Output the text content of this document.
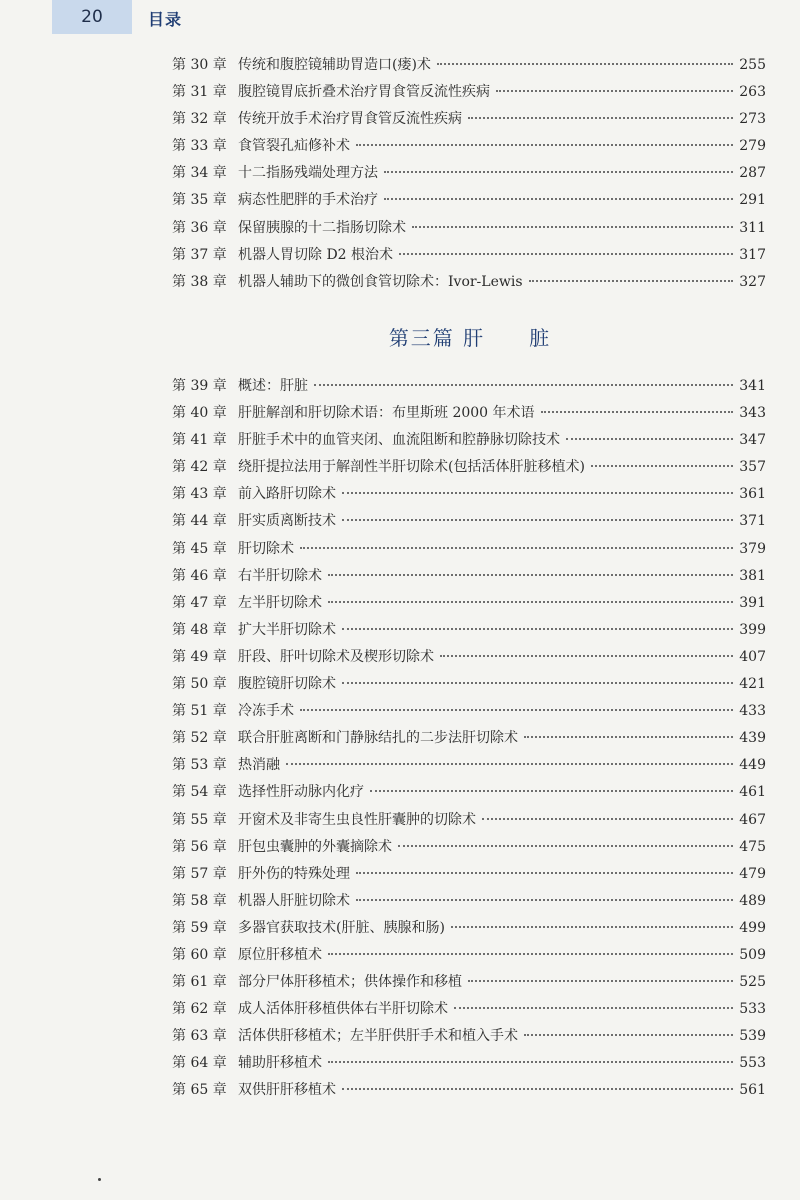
20	目录
第 30 章 传统和腹腔镜辅助胃造口(瘘)术	255
第 31 章 腹腔镜胃底折叠术治疗胃食管反流性疾病	263
第 32 章 传统开放手术治疗胃食管反流性疾病	273
第 33 章 食管裂孔疝修补术	279
第 34 章 十二指肠残端处理方法	287
第 35 章 病态性肥胖的手术治疗	291
第 36 章 保留胰腺的十二指肠切除术	311
第 37 章 机器人胃切除 D2 根治术	317
第 38 章 机器人辅助下的微创食管切除术：Ivor-Lewis	327
第三篇 肝　　脏
第 39 章 概述：肝脏	341
第 40 章 肝脏解剖和肝切除术语：布里斯班 2000 年术语	343
第 41 章 肝脏手术中的血管夹闭、血流阻断和腔静脉切除技术	347
第 42 章 绕肝提拉法用于解剖性半肝切除术(包括活体肝脏移植术)	357
第 43 章 前入路肝切除术	361
第 44 章 肝实质离断技术	371
第 45 章 肝切除术	379
第 46 章 右半肝切除术	381
第 47 章 左半肝切除术	391
第 48 章 扩大半肝切除术	399
第 49 章 肝段、肝叶切除术及楔形切除术	407
第 50 章 腹腔镜肝切除术	421
第 51 章 冷冻手术	433
第 52 章 联合肝脏离断和门静脉结扎的二步法肝切除术	439
第 53 章 热消融	449
第 54 章 选择性肝动脉内化疗	461
第 55 章 开窗术及非寄生虫良性肝囊肿的切除术	467
第 56 章 肝包虫囊肿的外囊摘除术	475
第 57 章 肝外伤的特殊处理	479
第 58 章 机器人肝脏切除术	489
第 59 章 多器官获取技术(肝脏、胰腺和肠)	499
第 60 章 原位肝移植术	509
第 61 章 部分尸体肝移植术；供体操作和移植	525
第 62 章 成人活体肝移植供体右半肝切除术	533
第 63 章 活体供肝移植术；左半肝供肝手术和植入手术	539
第 64 章 辅助肝移植术	553
第 65 章 双供肝肝移植术	561
